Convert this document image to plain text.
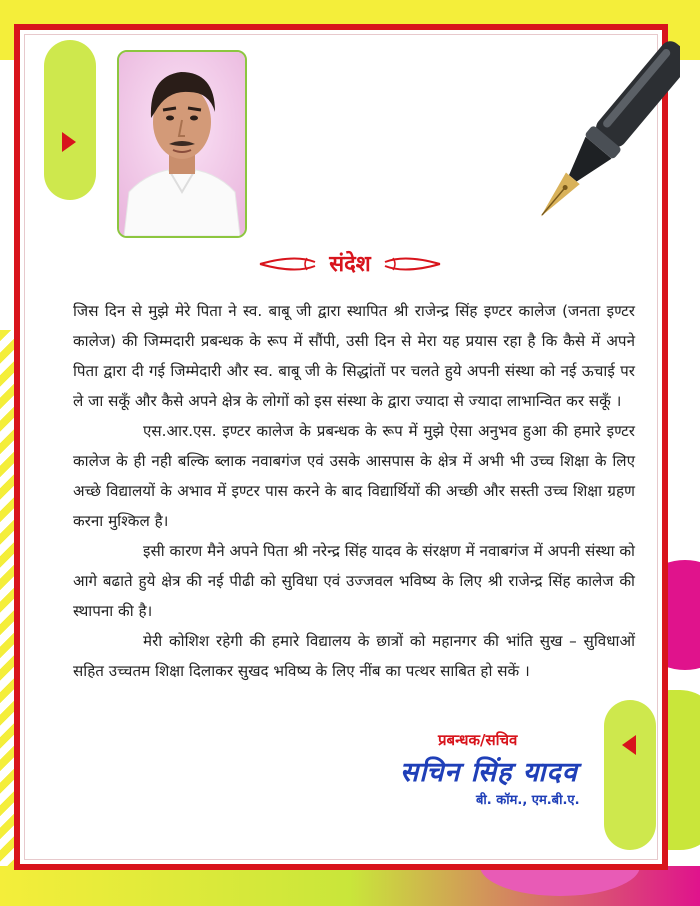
संदेश

जिस दिन से मुझे मेरे पिता ने स्व. बाबू जी द्वारा स्थापित श्री राजेन्द्र सिंह इण्टर कालेज (जनता इण्टर कालेज) की जिम्मदारी प्रबन्धक के रूप में सौंपी, उसी दिन से मेरा यह प्रयास रहा है कि कैसे में अपने पिता द्वारा दी गई जिम्मेदारी और स्व. बाबू जी के सिद्धांतों पर चलते हुये अपनी संस्था को नई ऊचाई पर ले जा सकूँ और कैसे अपने क्षेत्र के लोगों को इस संस्था के द्वारा ज्यादा से ज्यादा लाभान्वित कर सकूँ ।

एस.आर.एस. इण्टर कालेज के प्रबन्धक के रूप में मुझे ऐसा अनुभव हुआ की हमारे इण्टर कालेज के ही नही बल्कि ब्लाक नवाबगंज एवं उसके आसपास के क्षेत्र में अभी भी उच्च शिक्षा के लिए अच्छे विद्यालयों के अभाव में इण्टर पास करने के बाद विद्यार्थियों की अच्छी और सस्ती उच्च शिक्षा ग्रहण करना मुश्किल है।

इसी कारण मैने अपने पिता श्री नरेन्द्र सिंह यादव के संरक्षण में नवाबगंज में अपनी संस्था को आगे बढाते हुये क्षेत्र की नई पीढी को सुविधा एवं उज्जवल भविष्य के लिए श्री राजेन्द्र सिंह कालेज की स्थापना की है।

मेरी कोशिश रहेगी की हमारे विद्यालय के छात्रों को महानगर की भांति सुख – सुविधाओं सहित उच्चतम शिक्षा दिलाकर सुखद भविष्य के लिए नींब का पत्थर साबित हो सकें ।

प्रबन्धक/सचिव
सचिन सिंह यादव
बी. कॉम., एम.बी.ए.
